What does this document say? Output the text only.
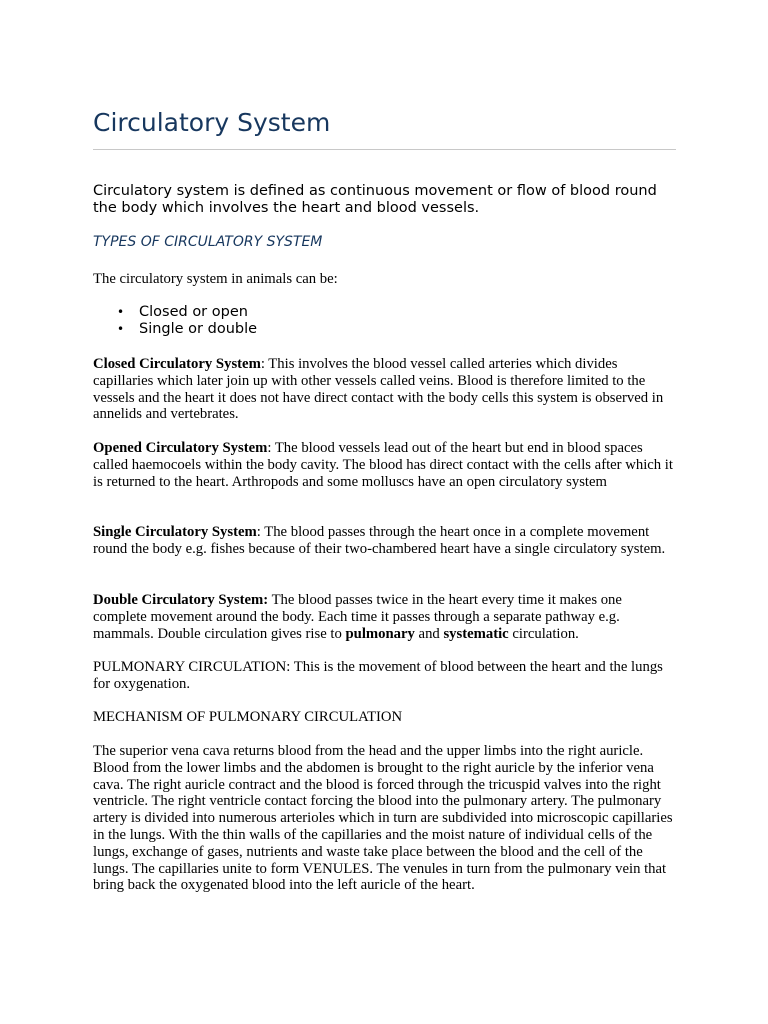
Circulatory System

Circulatory system is defined as continuous movement or flow of blood round the body which involves the heart and blood vessels.

TYPES OF CIRCULATORY SYSTEM

The circulatory system in animals can be:

• Closed or open
• Single or double

Closed Circulatory System: This involves the blood vessel called arteries which divides capillaries which later join up with other vessels called veins. Blood is therefore limited to the vessels and the heart it does not have direct contact with the body cells this system is observed in annelids and vertebrates.

Opened Circulatory System: The blood vessels lead out of the heart but end in blood spaces called haemocoels within the body cavity. The blood has direct contact with the cells after which it is returned to the heart. Arthropods and some molluscs have an open circulatory system

Single Circulatory System: The blood passes through the heart once in a complete movement round the body e.g. fishes because of their two-chambered heart have a single circulatory system.

Double Circulatory System: The blood passes twice in the heart every time it makes one complete movement around the body. Each time it passes through a separate pathway e.g. mammals. Double circulation gives rise to pulmonary and systematic circulation.

PULMONARY CIRCULATION: This is the movement of blood between the heart and the lungs for oxygenation.

MECHANISM OF PULMONARY CIRCULATION

The superior vena cava returns blood from the head and the upper limbs into the right auricle. Blood from the lower limbs and the abdomen is brought to the right auricle by the inferior vena cava. The right auricle contract and the blood is forced through the tricuspid valves into the right ventricle. The right ventricle contact forcing the blood into the pulmonary artery. The pulmonary artery is divided into numerous arterioles which in turn are subdivided into microscopic capillaries in the lungs. With the thin walls of the capillaries and the moist nature of individual cells of the lungs, exchange of gases, nutrients and waste take place between the blood and the cell of the lungs. The capillaries unite to form VENULES. The venules in turn from the pulmonary vein that bring back the oxygenated blood into the left auricle of the heart.
